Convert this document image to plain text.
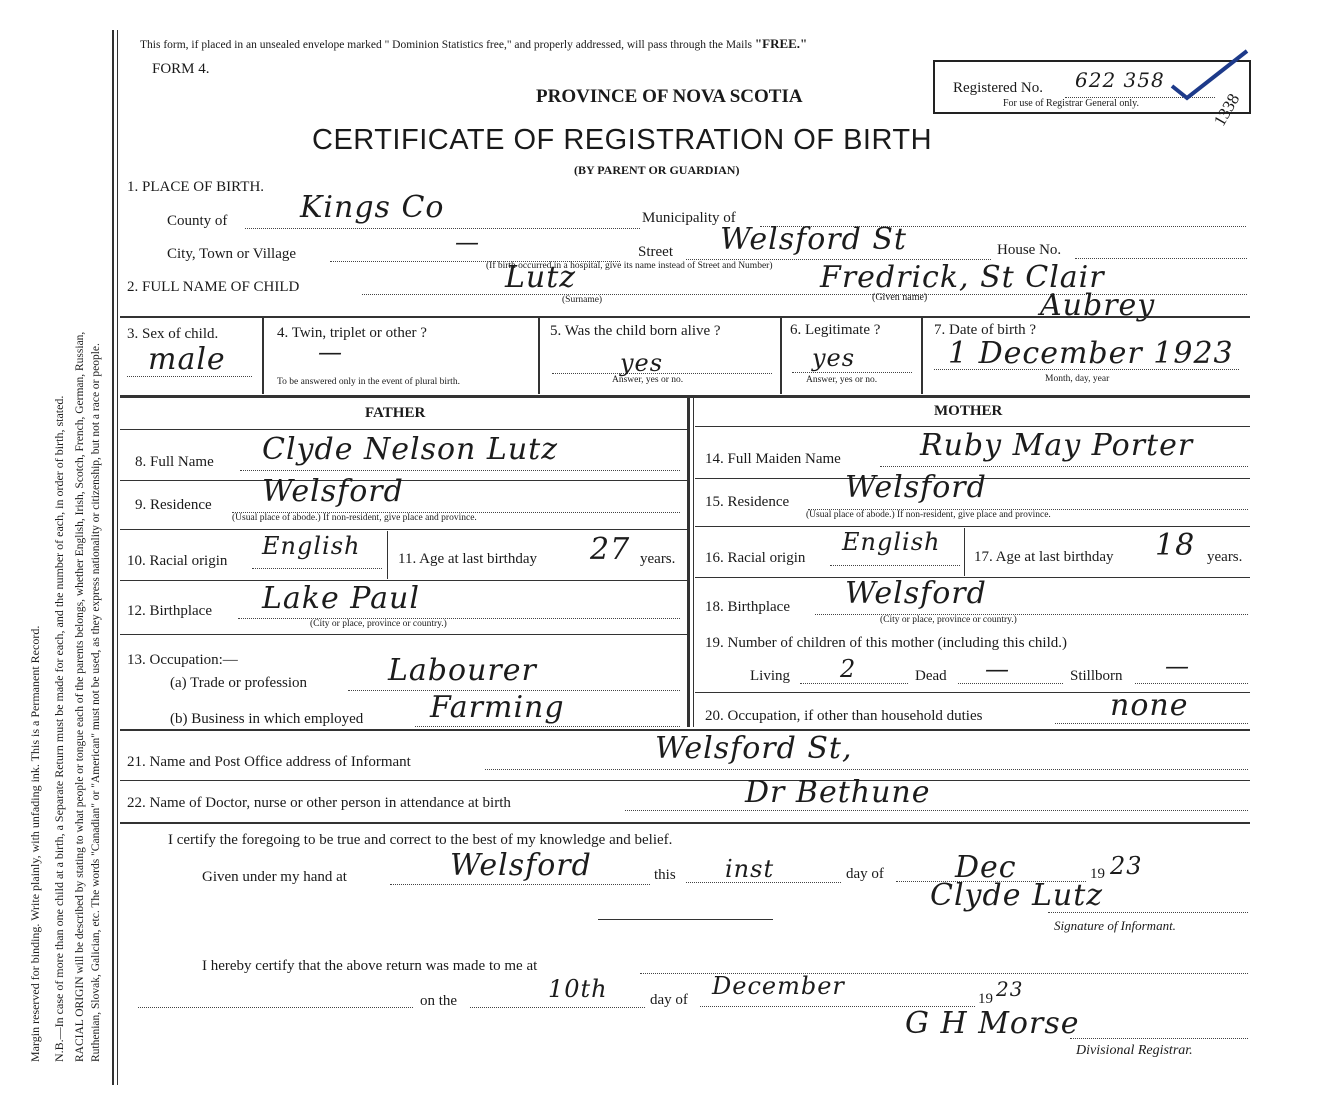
Margin reserved for binding. Write plainly, with unfading ink. This is a Permanent Record. N.B.—In case of more than one child at a birth, a Separate Return must be made for each, and the number of each, in order of birth, stated. RACIAL ORIGIN will be described by stating to what people or tongue each of the parents belongs, whether English, Irish, Scotch, French, German, Russian, Ruthenian, Slovak, Galician, etc. The words "Canadian" or "American" must not be used, as they express nationality or citizenship, but not a race or people.
This form, if placed in an unsealed envelope marked " Dominion Statistics free," and properly addressed, will pass through the Mails "FREE."
FORM 4.
PROVINCE OF NOVA SCOTIA
CERTIFICATE OF REGISTRATION OF BIRTH
(BY PARENT OR GUARDIAN)
Registered No. 622 358
For use of Registrar General only.	1338
1. PLACE OF BIRTH.
County of Kings Co	Municipality of
City, Town or Village	—	Street Welsford St	House No.
(If birth occurred in a hospital, give its name instead of Street and Number)
2. FULL NAME OF CHILD	Lutz
(Surname)
Fredrick, St Clair
(Given name)	Aubrey
3. Sex of child.
male
4. Twin, triplet or other ?
—
To be answered only in the event of plural birth.
5. Was the child born alive ?
yes
Answer, yes or no.
6. Legitimate ?
yes
Answer, yes or no.
7. Date of birth ?
1 December 1923
Month, day, year
FATHER	MOTHER
8. Full Name Clyde Nelson Lutz
9. Residence Welsford
(Usual place of abode.) If non-resident, give place and province.
10. Racial origin
English	11. Age at last birthday 27 years.
12. Birthplace Lake Paul
(City or place, province or country.)
13. Occupation:—
(a) Trade or profession	Labourer
(b) Business in which employed Farming
14. Full Maiden Name	Ruby May Porter
15. Residence Welsford
(Usual place of abode.) If non-resident, give place and province.
16. Racial origin
English
17. Age at last birthday 18 years.
18. Birthplace Welsford
(City or place, province or country.)
19. Number of children of this mother (including this child.)
Living 2	Dead —	Stillborn —
20. Occupation, if other than household duties	none
21. Name and Post Office address of Informant	Welsford St,
22. Name of Doctor, nurse or other person in attendance at birth	Dr Bethune
I certify the foregoing to be true and correct to the best of my knowledge and belief.
Given under my hand at	Welsford	this inst	day of Dec	19 23
Clyde Lutz
Signature of Informant.
I hereby certify that the above return was made to me at
on the	10th	day of December	19 23
G H Morse
Divisional Registrar.
